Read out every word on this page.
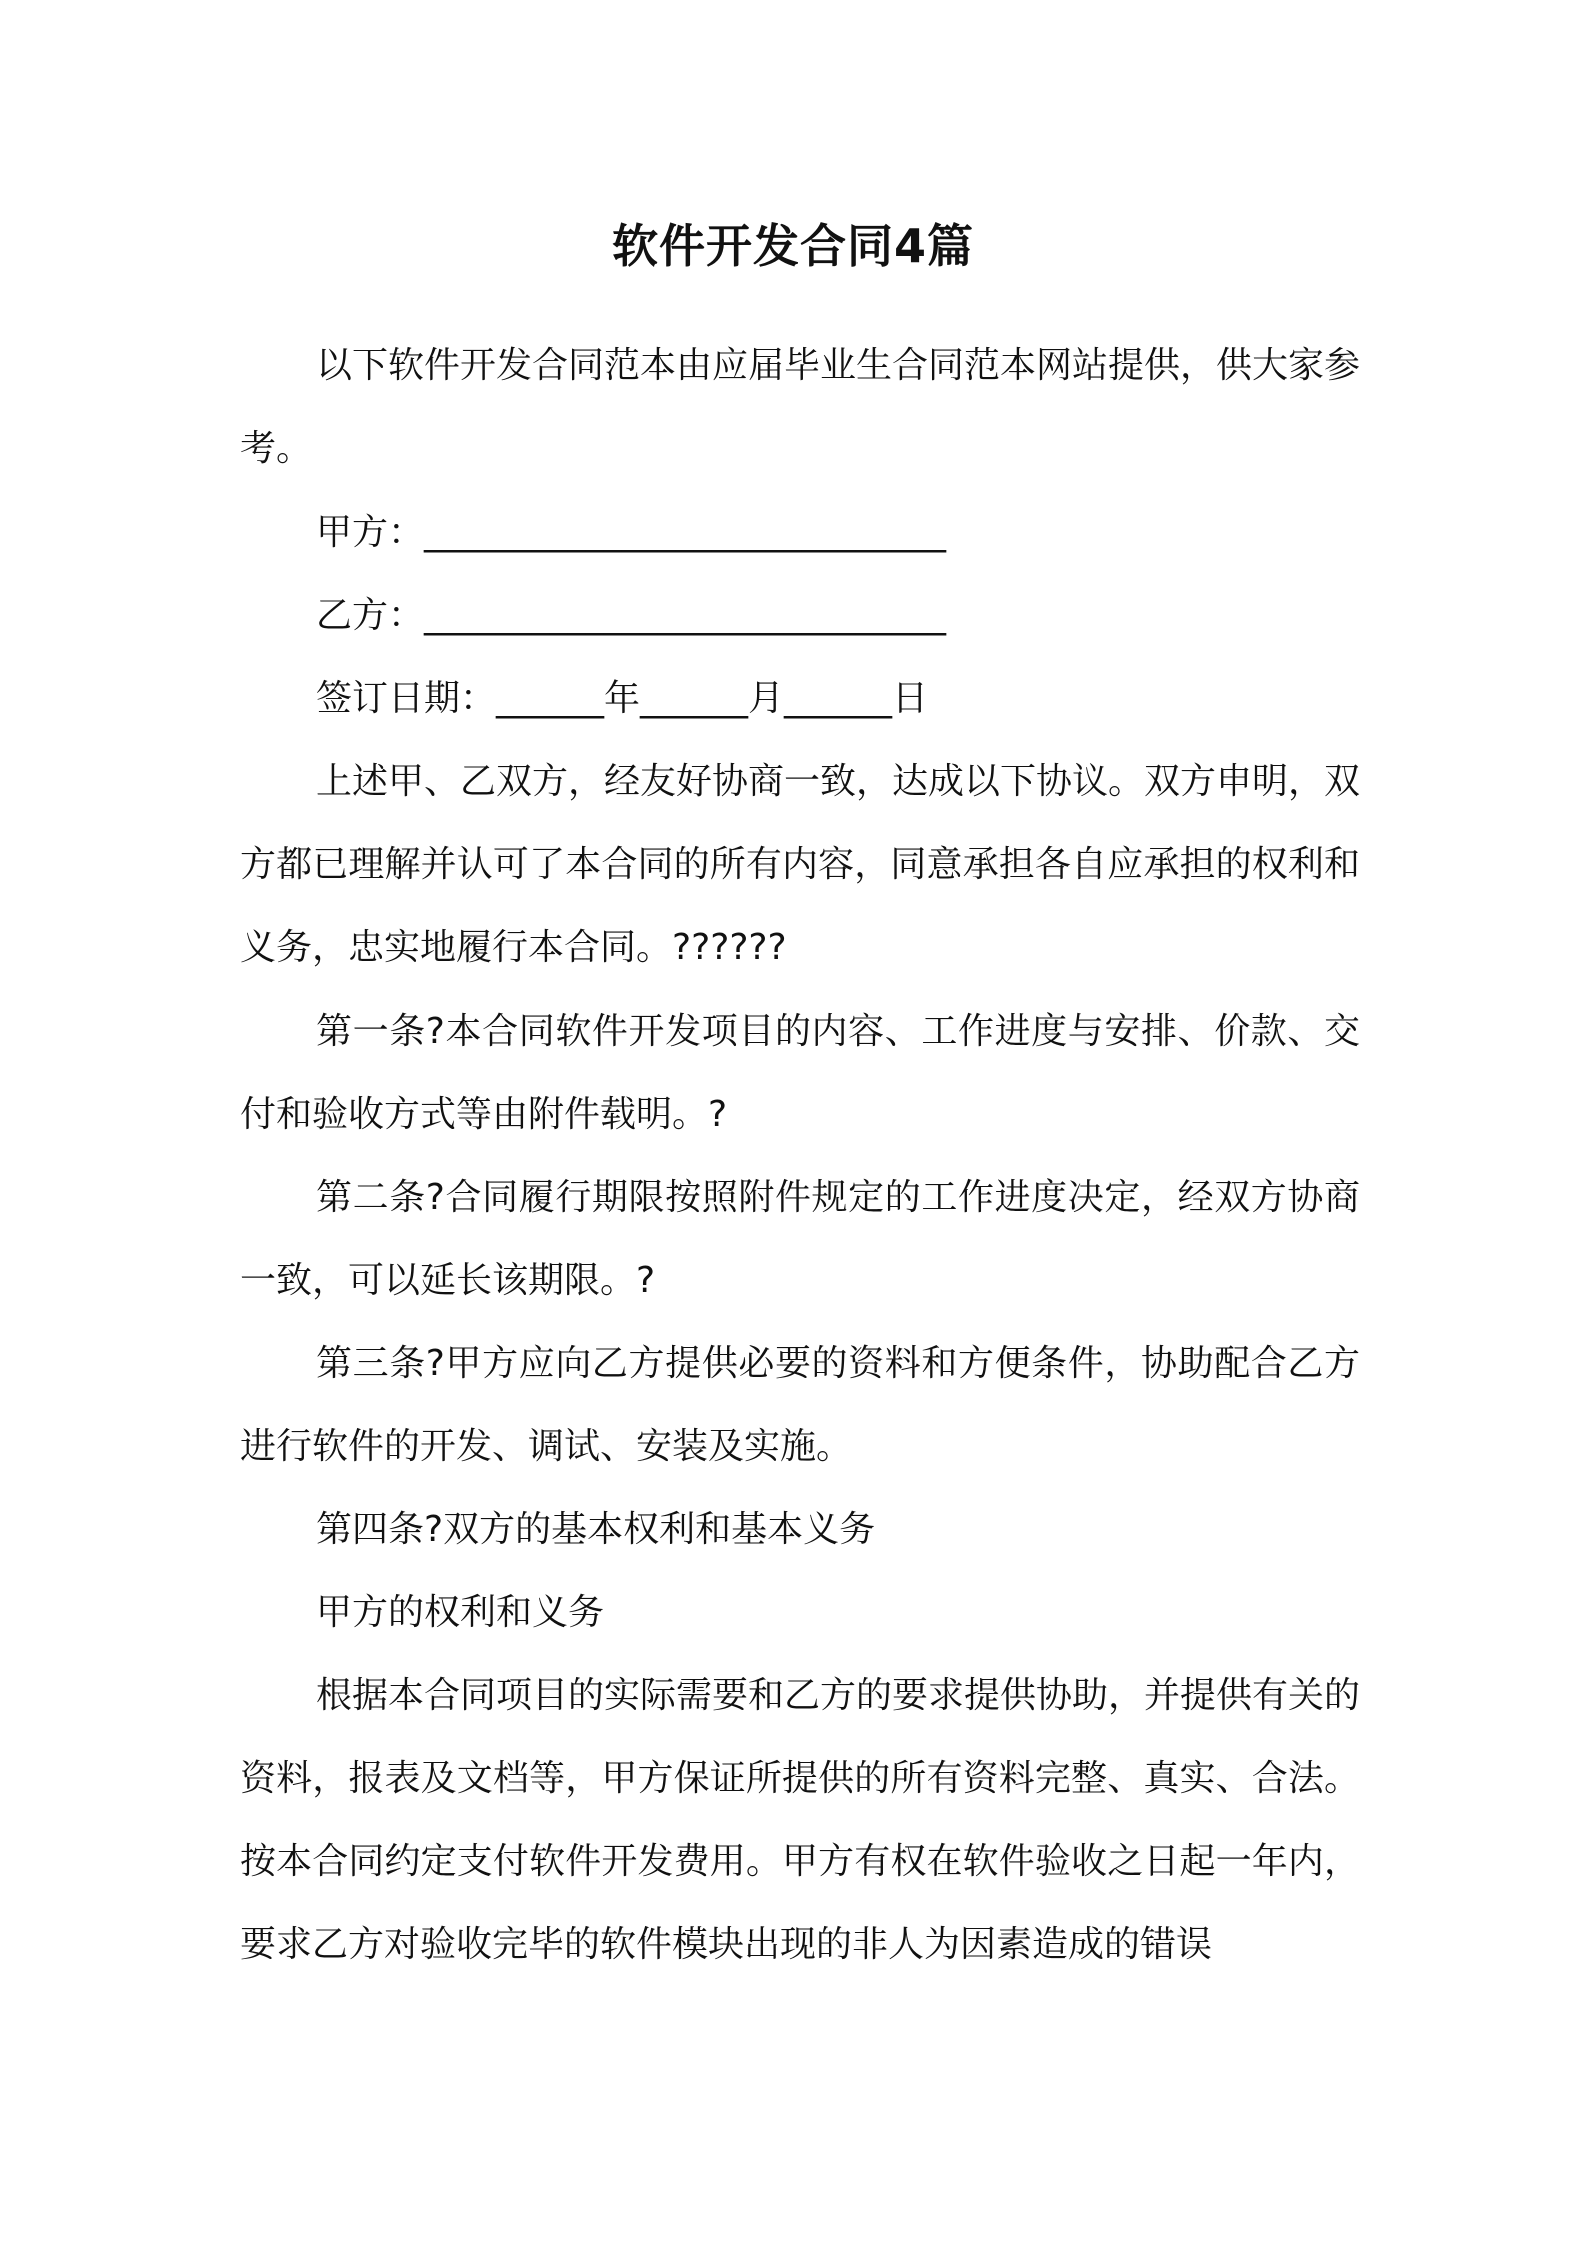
软件开发合同4篇

以下软件开发合同范本由应届毕业生合同范本网站提供，供大家参考。

甲方：_____________________________

乙方：_____________________________

签订日期：______年______月______日

上述甲、乙双方，经友好协商一致，达成以下协议。双方申明，双方都已理解并认可了本合同的所有内容，同意承担各自应承担的权利和义务，忠实地履行本合同。??????

第一条?本合同软件开发项目的内容、工作进度与安排、价款、交付和验收方式等由附件载明。?

第二条?合同履行期限按照附件规定的工作进度决定，经双方协商一致，可以延长该期限。?

第三条?甲方应向乙方提供必要的资料和方便条件，协助配合乙方进行软件的开发、调试、安装及实施。

第四条?双方的基本权利和基本义务

甲方的权利和义务

根据本合同项目的实际需要和乙方的要求提供协助，并提供有关的资料，报表及文档等，甲方保证所提供的所有资料完整、真实、合法。按本合同约定支付软件开发费用。甲方有权在软件验收之日起一年内，要求乙方对验收完毕的软件模块出现的非人为因素造成的错误
